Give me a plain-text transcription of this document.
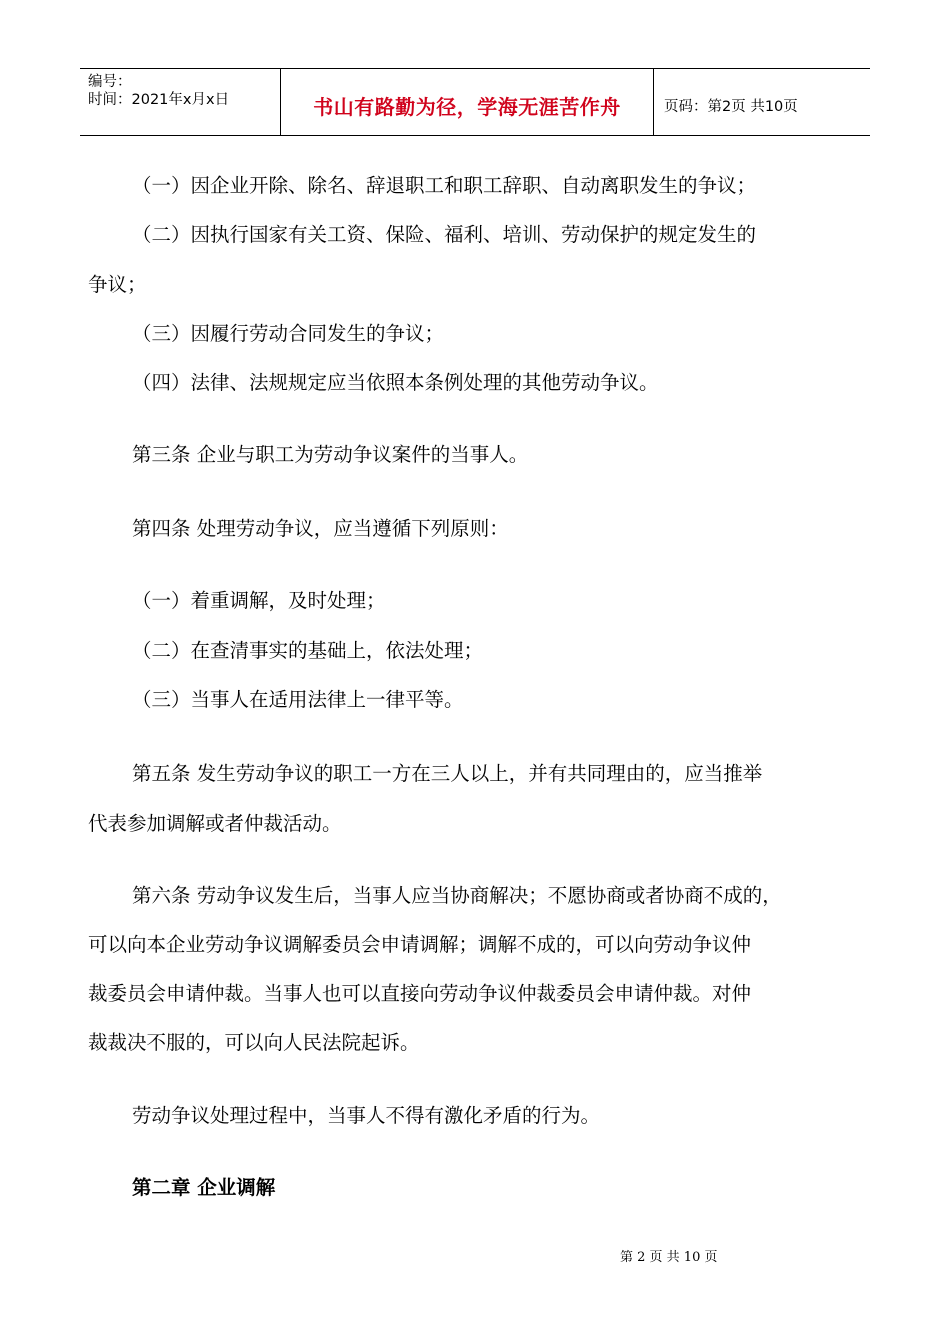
编号：
时间：2021年x月x日	书山有路勤为径，学海无涯苦作舟	页码：第2页 共10页
（一）因企业开除、除名、辞退职工和职工辞职、自动离职发生的争议；
（二）因执行国家有关工资、保险、福利、培训、劳动保护的规定发生的
争议；
（三）因履行劳动合同发生的争议；
（四）法律、法规规定应当依照本条例处理的其他劳动争议。
第三条 企业与职工为劳动争议案件的当事人。
第四条 处理劳动争议，应当遵循下列原则：
（一）着重调解，及时处理；
（二）在查清事实的基础上，依法处理；
（三）当事人在适用法律上一律平等。
第五条 发生劳动争议的职工一方在三人以上，并有共同理由的，应当推举
代表参加调解或者仲裁活动。
第六条 劳动争议发生后，当事人应当协商解决；不愿协商或者协商不成的，
可以向本企业劳动争议调解委员会申请调解；调解不成的，可以向劳动争议仲
裁委员会申请仲裁。当事人也可以直接向劳动争议仲裁委员会申请仲裁。对仲
裁裁决不服的，可以向人民法院起诉。
劳动争议处理过程中，当事人不得有激化矛盾的行为。
第二章 企业调解
第 2 页 共 10 页
